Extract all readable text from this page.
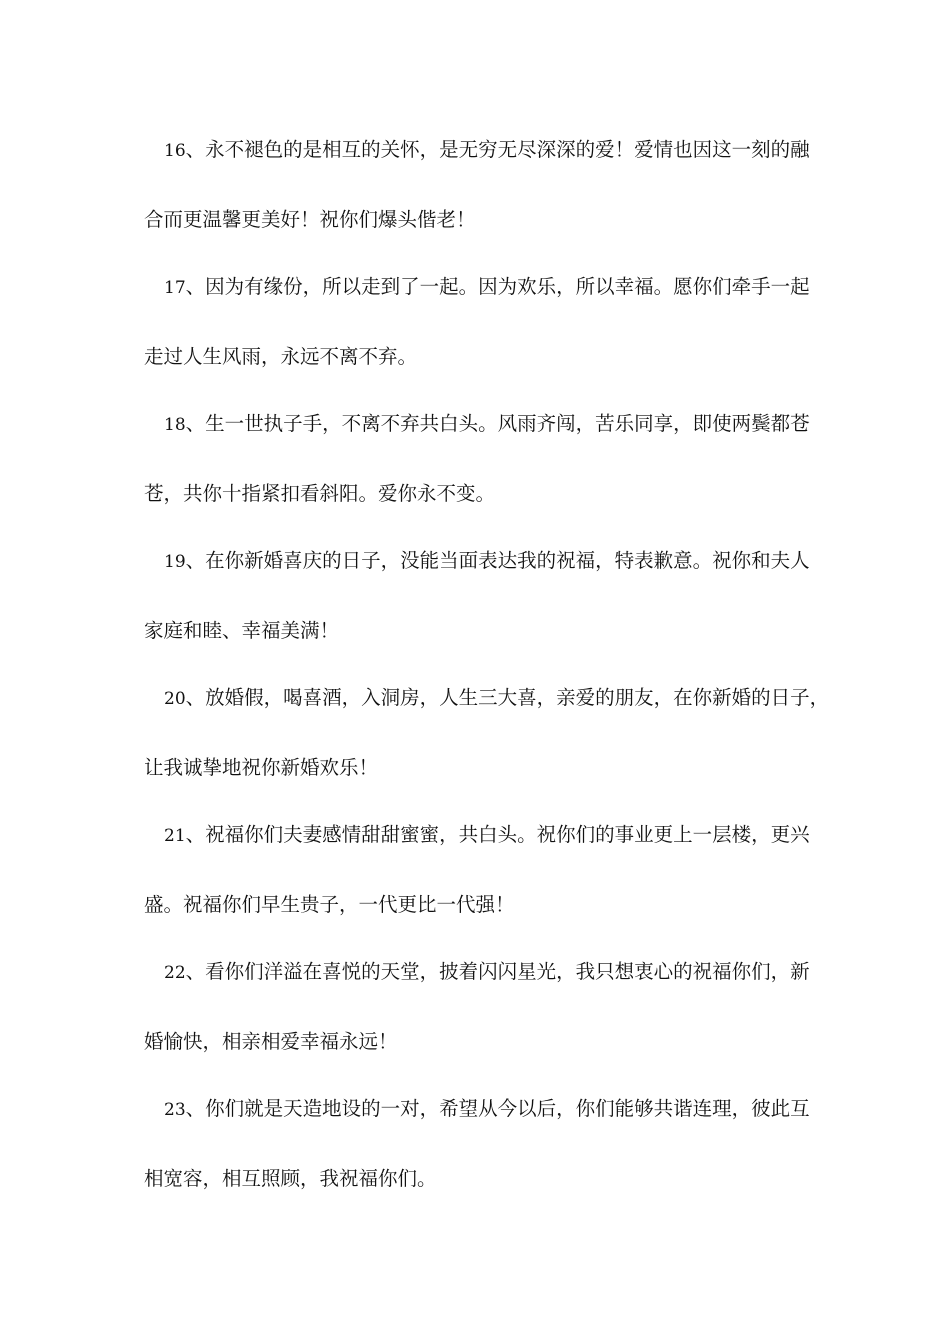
16、永不褪色的是相互的关怀，是无穷无尽深深的爱！爱情也因这一刻的融
合而更温馨更美好！祝你们爆头偕老！

17、因为有缘份，所以走到了一起。因为欢乐，所以幸福。愿你们牵手一起
走过人生风雨，永远不离不弃。

18、生一世执子手，不离不弃共白头。风雨齐闯，苦乐同享，即使两鬓都苍
苍，共你十指紧扣看斜阳。爱你永不变。

19、在你新婚喜庆的日子，没能当面表达我的祝福，特表歉意。祝你和夫人
家庭和睦、幸福美满！

20、放婚假，喝喜酒，入洞房，人生三大喜，亲爱的朋友，在你新婚的日子，
让我诚挚地祝你新婚欢乐！

21、祝福你们夫妻感情甜甜蜜蜜，共白头。祝你们的事业更上一层楼，更兴
盛。祝福你们早生贵子，一代更比一代强！

22、看你们洋溢在喜悦的天堂，披着闪闪星光，我只想衷心的祝福你们，新
婚愉快，相亲相爱幸福永远！

23、你们就是天造地设的一对，希望从今以后，你们能够共谐连理，彼此互
相宽容，相互照顾，我祝福你们。
